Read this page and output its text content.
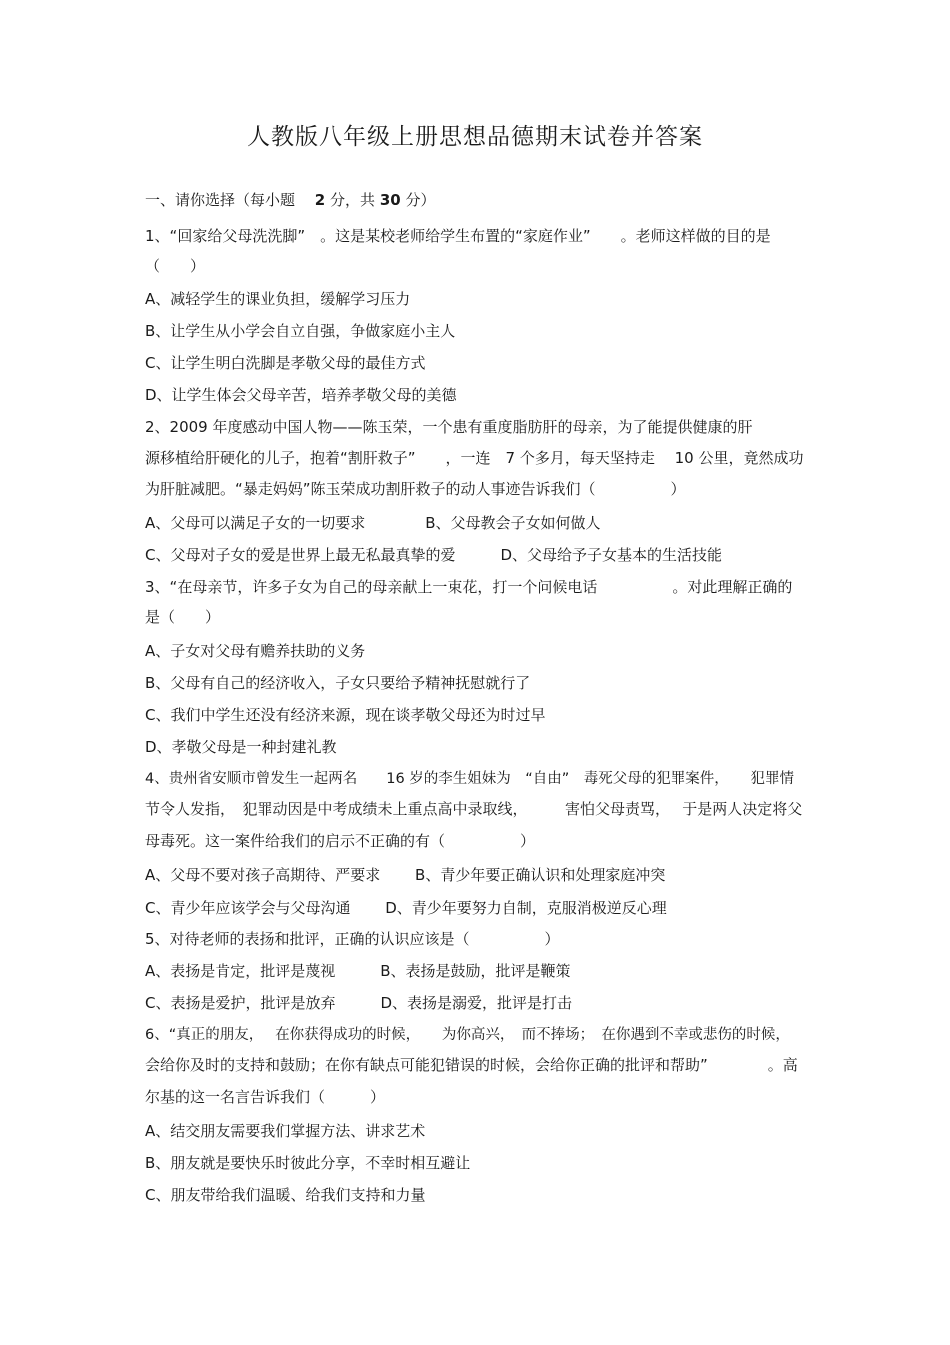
人教版八年级上册思想品德期末试卷并答案
一、请你选择（每小题　 2 分，共 30 分）
1、“回家给父母洗洗脚”　。这是某校老师给学生布置的“家庭作业”　　。老师这样做的目的是
（　　）
A、减轻学生的课业负担，缓解学习压力
B、让学生从小学会自立自强，争做家庭小主人
C、让学生明白洗脚是孝敬父母的最佳方式
D、让学生体会父母辛苦，培养孝敬父母的美德
2、2009 年度感动中国人物——陈玉荣，一个患有重度脂肪肝的母亲，为了能提供健康的肝
源移植给肝硬化的儿子，抱着“割肝救子”　　，一连　7 个多月，每天坚持走　 10 公里，竟然成功
为肝脏减肥。“暴走妈妈”陈玉荣成功割肝救子的动人事迹告诉我们（　　　　　）
A、父母可以满足子女的一切要求　　　　B、父母教会子女如何做人
C、父母对子女的爱是世界上最无私最真挚的爱　　　D、父母给予子女基本的生活技能
3、“在母亲节，许多子女为自己的母亲献上一束花，打一个问候电话　　　　　。对此理解正确的
是（　　）
A、子女对父母有赡养扶助的义务
B、父母有自己的经济收入，子女只要给予精神抚慰就行了
C、我们中学生还没有经济来源，现在谈孝敬父母还为时过早
D、孝敬父母是一种封建礼教
4、贵州省安顺市曾发生一起两名　　16 岁的李生姐妹为　“自由”　毒死父母的犯罪案件，　　犯罪情
节令人发指，　犯罪动因是中考成绩未上重点高中录取线，　　　害怕父母责骂，　 于是两人决定将父
母毒死。这一案件给我们的启示不正确的有（　　　　　）
A、父母不要对孩子高期待、严要求　　 B、青少年要正确认识和处理家庭冲突
C、青少年应该学会与父母沟通　　 D、青少年要努力自制，克服消极逆反心理
5、对待老师的表扬和批评，正确的认识应该是（　　　　　）
A、表扬是肯定，批评是蔑视　　　B、表扬是鼓励，批评是鞭策
C、表扬是爱护，批评是放弃　　　D、表扬是溺爱，批评是打击
6、“真正的朋友，　 在你获得成功的时候，　　为你高兴，　而不捧场；　在你遇到不幸或悲伤的时候，
会给你及时的支持和鼓励；在你有缺点可能犯错误的时候，会给你正确的批评和帮助”　　　　。高
尔基的这一名言告诉我们（　　　）
A、结交朋友需要我们掌握方法、讲求艺术
B、朋友就是要快乐时彼此分享，不幸时相互避让
C、朋友带给我们温暖、给我们支持和力量
